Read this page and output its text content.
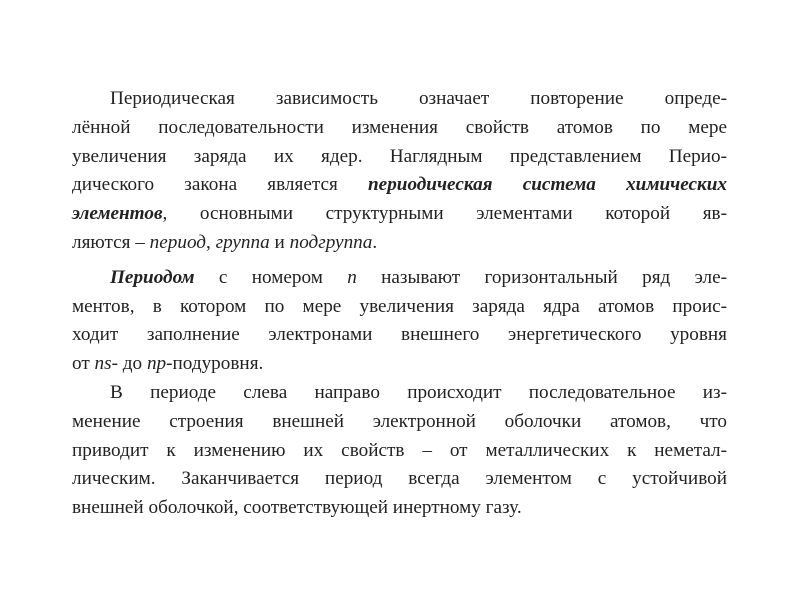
Периодическая зависимость означает повторение опреде-
лённой последовательности изменения свойств атомов по мере
увеличения заряда их ядер. Наглядным представлением Перио-
дического закона является периодическая система химических
элементов, основными структурными элементами которой яв-
ляются – период, группа и подгруппа.
Периодом с номером n называют горизонтальный ряд эле-
ментов, в котором по мере увеличения заряда ядра атомов проис-
ходит заполнение электронами внешнего энергетического уровня
от ns- до np-подуровня.
В периоде слева направо происходит последовательное из-
менение строения внешней электронной оболочки атомов, что
приводит к изменению их свойств – от металлических к неметал-
лическим. Заканчивается период всегда элементом с устойчивой
внешней оболочкой, соответствующей инертному газу.
